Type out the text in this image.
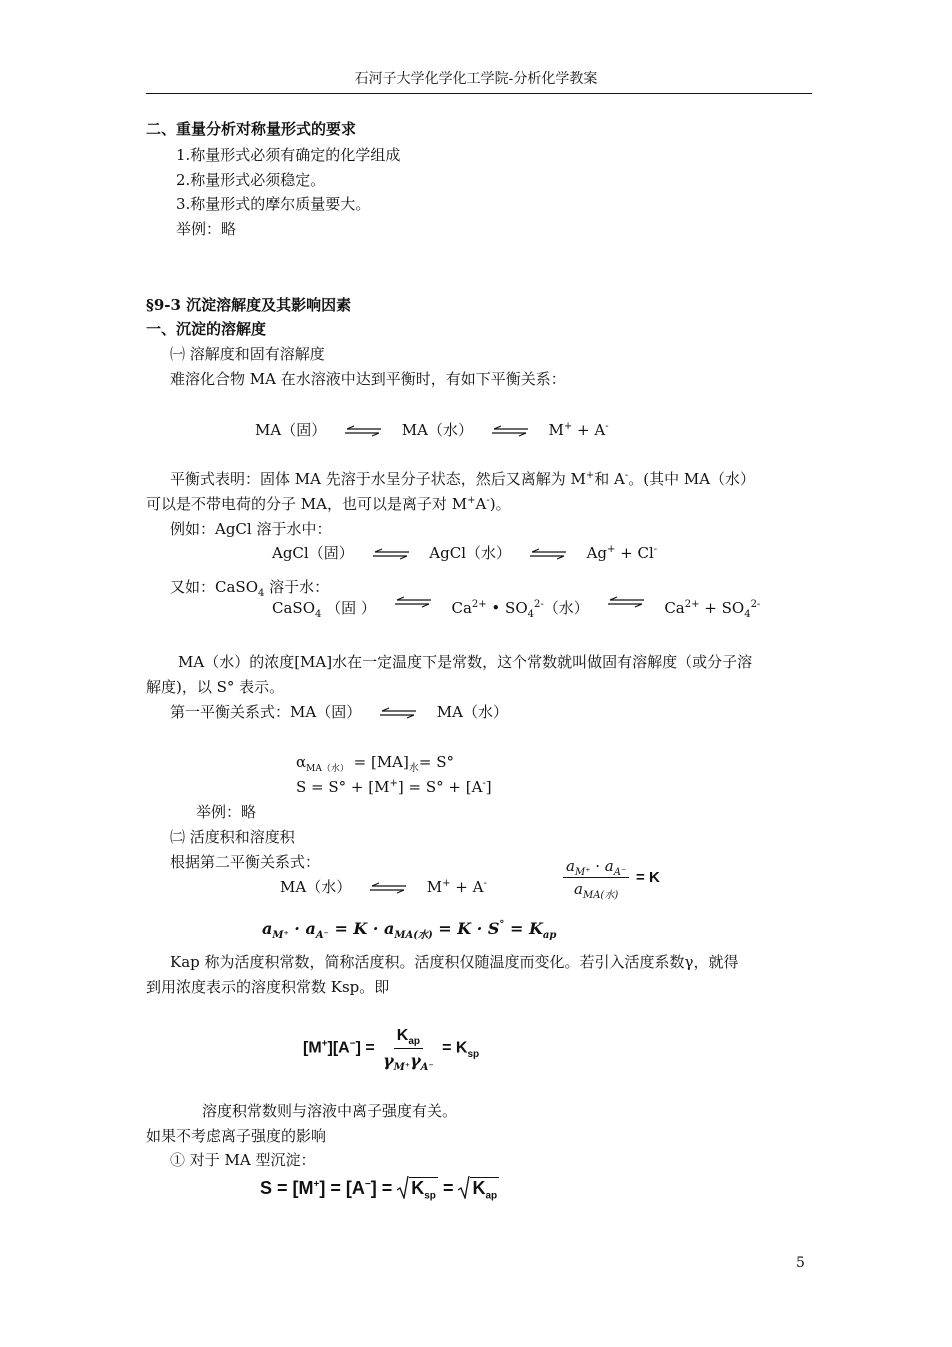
石河子大学化学化工学院-分析化学教案
二、重量分析对称量形式的要求
1.称量形式必须有确定的化学组成
2.称量形式必须稳定。
3.称量形式的摩尔质量要大。
举例：略
§9-3 沉淀溶解度及其影响因素
一、沉淀的溶解度
㈠ 溶解度和固有溶解度
难溶化合物 MA 在水溶液中达到平衡时，有如下平衡关系：
MA（固）	MA（水）	M+ + A-
平衡式表明：固体 MA 先溶于水呈分子状态，然后又离解为 M+和 A-。(其中 MA（水）
可以是不带电荷的分子 MA，也可以是离子对 M+A-)。
例如：AgCl 溶于水中：
AgCl（固）	AgCl（水）	Ag+ + Cl-
又如：CaSO$_4$ 溶于水：
CaSO$_4$ （固 ）	$Ca^{2+}$ • $SO_4^{2-}$（水）	$Ca^{2+} + SO_4^{2-}$
MA（水）的浓度[MA]水在一定温度下是常数，这个常数就叫做固有溶解度（或分子溶
解度)，以 S° 表示。
第一平衡关系式：MA（固）	MA（水）
$\alpha_{MA(水)} = [MA]_水= S^\circ$
S = S° + [M+] = S° + [A-]
举例：略
㈡ 活度积和溶度积
根据第二平衡关系式：
MA（水）	M+ + A-	$\frac{a_{M^+} \cdot a_{A^-}}{a_{MA(水)}} = K$
$a_{M^+} \cdot a_{A^-} = K \cdot a_{MA(水)} = K \cdot S^\circ = K_{ap}$
Kap 称为活度积常数，简称活度积。活度积仅随温度而变化。若引入活度系数γ，就得
到用浓度表示的溶度积常数 Ksp。即
$[M^+][A^-] = \frac{K_{ap}}{\gamma_{M^+}\gamma_{A^-}} = K_{sp}$
溶度积常数则与溶液中离子强度有关。
如果不考虑离子强度的影响
① 对于 MA 型沉淀：
$S = [M^+] = [A^-] = K_{sp} = K_{ap}$
5
